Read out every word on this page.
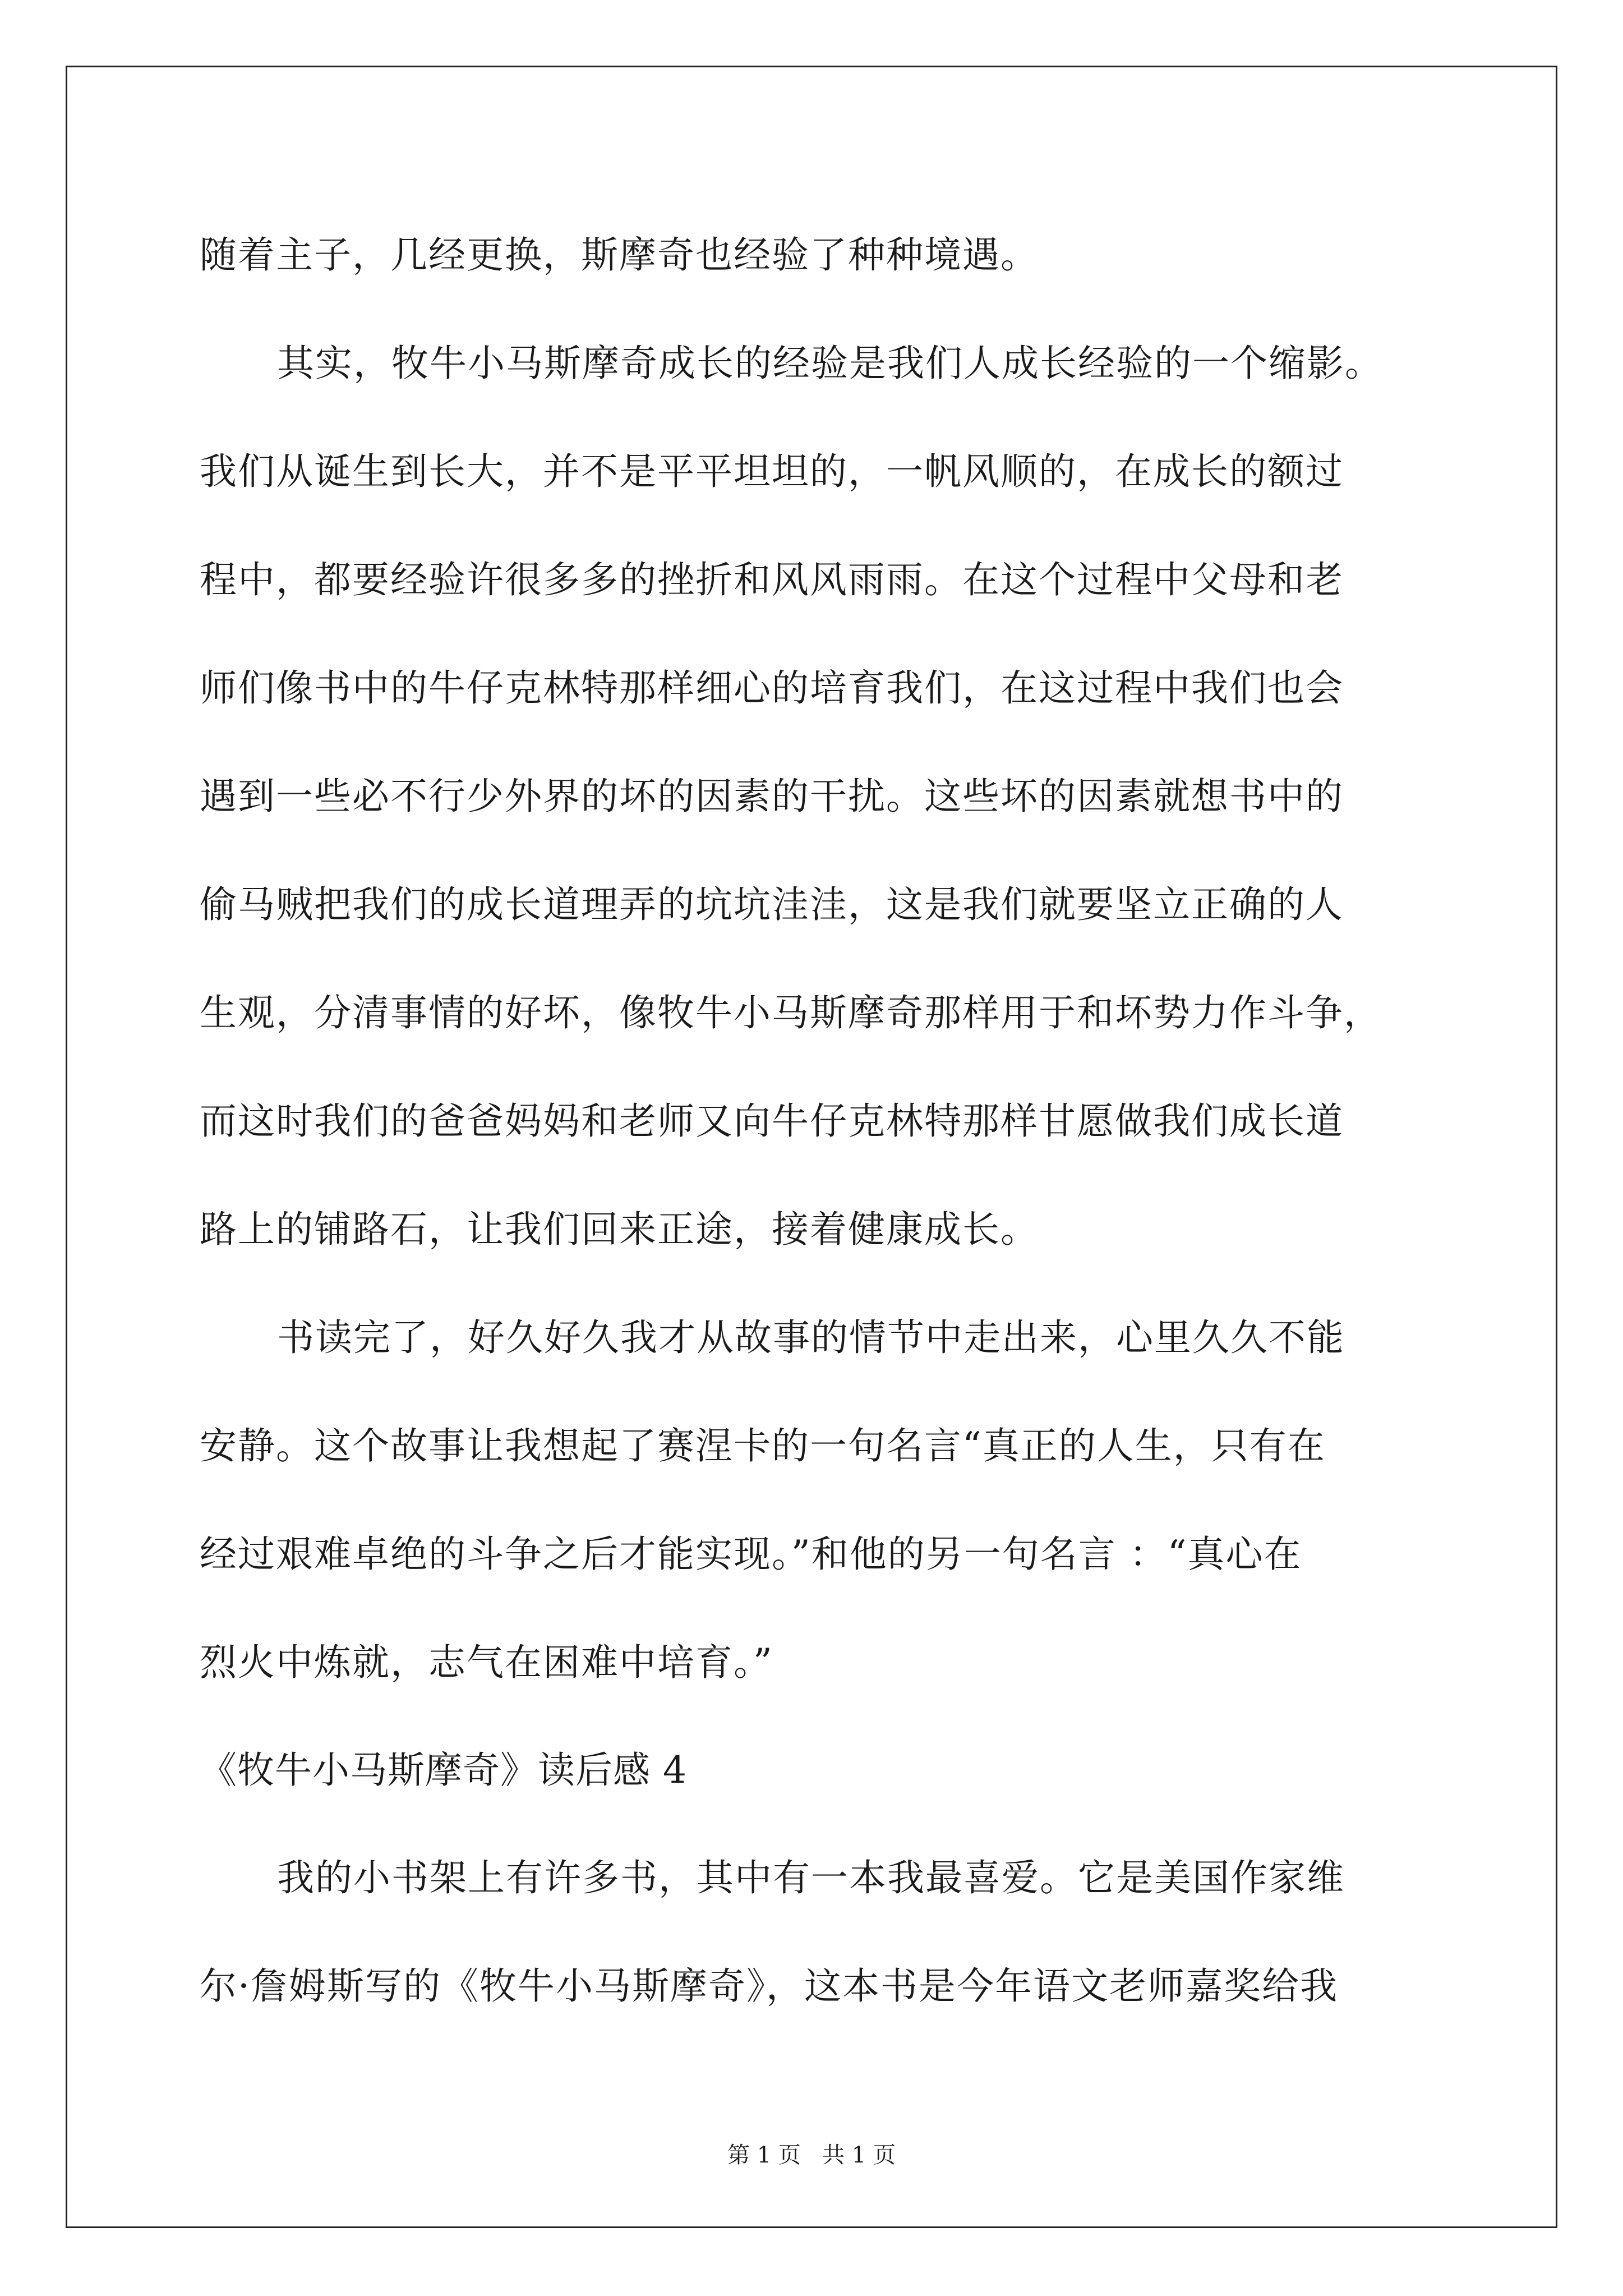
随着主子，几经更换，斯摩奇也经验了种种境遇。
其实，牧牛小马斯摩奇成长的经验是我们人成长经验的一个缩影。
我们从诞生到长大，并不是平平坦坦的，一帆风顺的，在成长的额过
程中，都要经验许很多多的挫折和风风雨雨。在这个过程中父母和老
师们像书中的牛仔克林特那样细心的培育我们，在这过程中我们也会
遇到一些必不行少外界的坏的因素的干扰。这些坏的因素就想书中的
偷马贼把我们的成长道理弄的坑坑洼洼，这是我们就要坚立正确的人
生观，分清事情的好坏，像牧牛小马斯摩奇那样用于和坏势力作斗争，
而这时我们的爸爸妈妈和老师又向牛仔克林特那样甘愿做我们成长道
路上的铺路石，让我们回来正途，接着健康成长。
书读完了，好久好久我才从故事的情节中走出来，心里久久不能
安静。这个故事让我想起了赛涅卡的一句名言“真正的人生，只有在
经过艰难卓绝的斗争之后才能实现。”和他的另一句名言 ：“真心在
烈火中炼就，志气在困难中培育。”
《牧牛小马斯摩奇》读后感 4
我的小书架上有许多书，其中有一本我最喜爱。它是美国作家维
尔·詹姆斯写的《牧牛小马斯摩奇》，这本书是今年语文老师嘉奖给我
第 1 页   共 1 页
